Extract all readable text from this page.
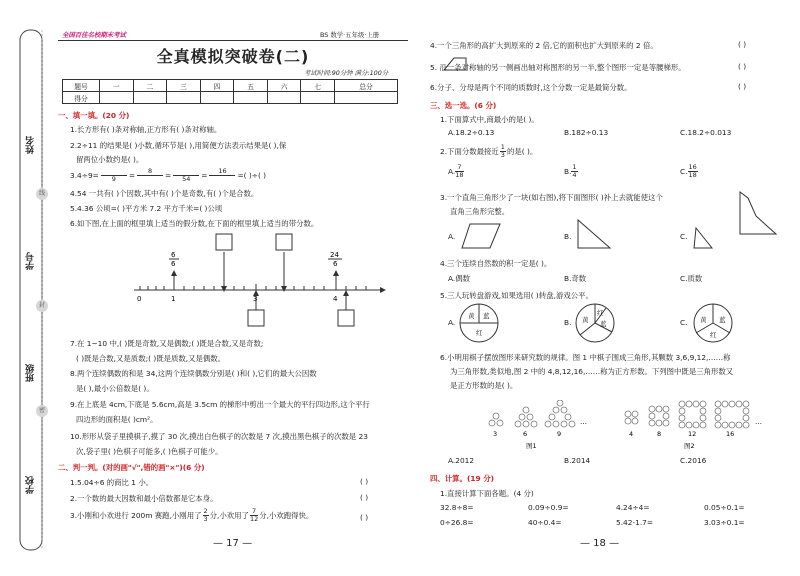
姓名
学号
班级
学校
线
封
密
全国百佳名校期末考试	BS 数学·五年级·上册
全真模拟突破卷(二)
考试时间:90分钟 满分:100分
题号	一	二	三	四	五	六	七	总分
得分								
一、填一填。(20 分)
1.长方形有( )条对称轴,正方形有( )条对称轴。
2.2÷11 的结果是( )小数,循环节是( ),用简便方法表示结果是( ),保
留两位小数约是( )。
3.4÷9=
	9	=	8
	=
	54	=	16
	=( )÷( )
4.54 一共有( )个因数,其中有( )个是奇数,有( )个是合数。
5.4.36 公顷=( )平方米 7.2 平方千米=( )公顷
6.如下图,在上面的框里填上适当的假分数,在下面的框里填上适当的带分数。
6
6
24
6
0	1	3	4
7.在 1~10 中,( )既是奇数,又是偶数;( )既是合数,又是奇数;
( )既是合数,又是质数;( )既是质数,又是偶数。
8.两个连续偶数的和是 34,这两个连续偶数分别是( )和( ),它们的最大公因数
是( ),最小公倍数是( )。
9.在上底是 4cm,下底是 5.6cm,高是 3.5cm 的梯形中剪出一个最大的平行四边形,这个平行
四边形的面积是( )cm²。
10.形形从袋子里摸棋子,摸了 30 次,摸出白色棋子的次数是 7 次,摸出黑色棋子的次数是 23
次,袋子里( )色棋子可能多,( )色棋子可能少。
二、判一判。(对的画"√",错的画"×")(6 分)
1.5.04÷6 的商比 1 小。	( )
2.一个数的最大因数和最小倍数都是它本身。	( )
3.小刚和小欢进行 200m 赛跑,小刚用了 $\frac{2}{3}$ 分,小欢用了 $\frac{7}{12}$ 分,小欢跑得快。	( )
— 17 —
4.一个三角形的高扩大到原来的 2 倍,它的面积也扩大到原来的 2 倍。	( )
5. 沿一条对称轴的另一侧画出轴对称图形的另一半,整个图形一定是等腰梯形。	( )
6.分子、分母是两个不同的质数时,这个分数一定是最简分数。	( )
三、选一选。(6 分)
1.下面算式中,商最小的是( )。
A.18.2÷0.13	B.182÷0.13	C.18.2÷0.013
2.下面分数最接近 $\frac{1}{3}$ 的是( )。
A. $\frac{7}{18}$	B. $\frac{1}{4}$	C. $\frac{16}{18}$
3.一个直角三角形少了一块(如右图),将下面图形( )补上去就能使这个
直角三角形完整。
A.	B.	C.
4.三个连续自然数的积一定是( )。
A.偶数	B.奇数	C.质数
5.三人玩转盘游戏,如果选用( )转盘,游戏公平。
A.
黄 蓝
红
B. 黄
红
蓝	C. 黄 蓝
红
6.小明用棋子摆放图形来研究数的规律。图 1 中棋子围成三角形,其颗数 3,6,9,12,……称
为三角形数,类似地,图 2 中的 4,8,12,16,……称为正方形数。下列图中既是三角形数又
是正方形数的是( )。
…
3	6	9
图1
…
4	8	12	16
图2
A.2012	B.2014	C.2016
四、计算。(19 分)
1.直接计算下面各题。(4 分)
32.8÷8=	0.09÷0.9=	4.24÷4=	0.05÷0.1=
0÷26.8=	40÷0.4=	5.42-1.7=	3.03÷0.1=
— 18 —
